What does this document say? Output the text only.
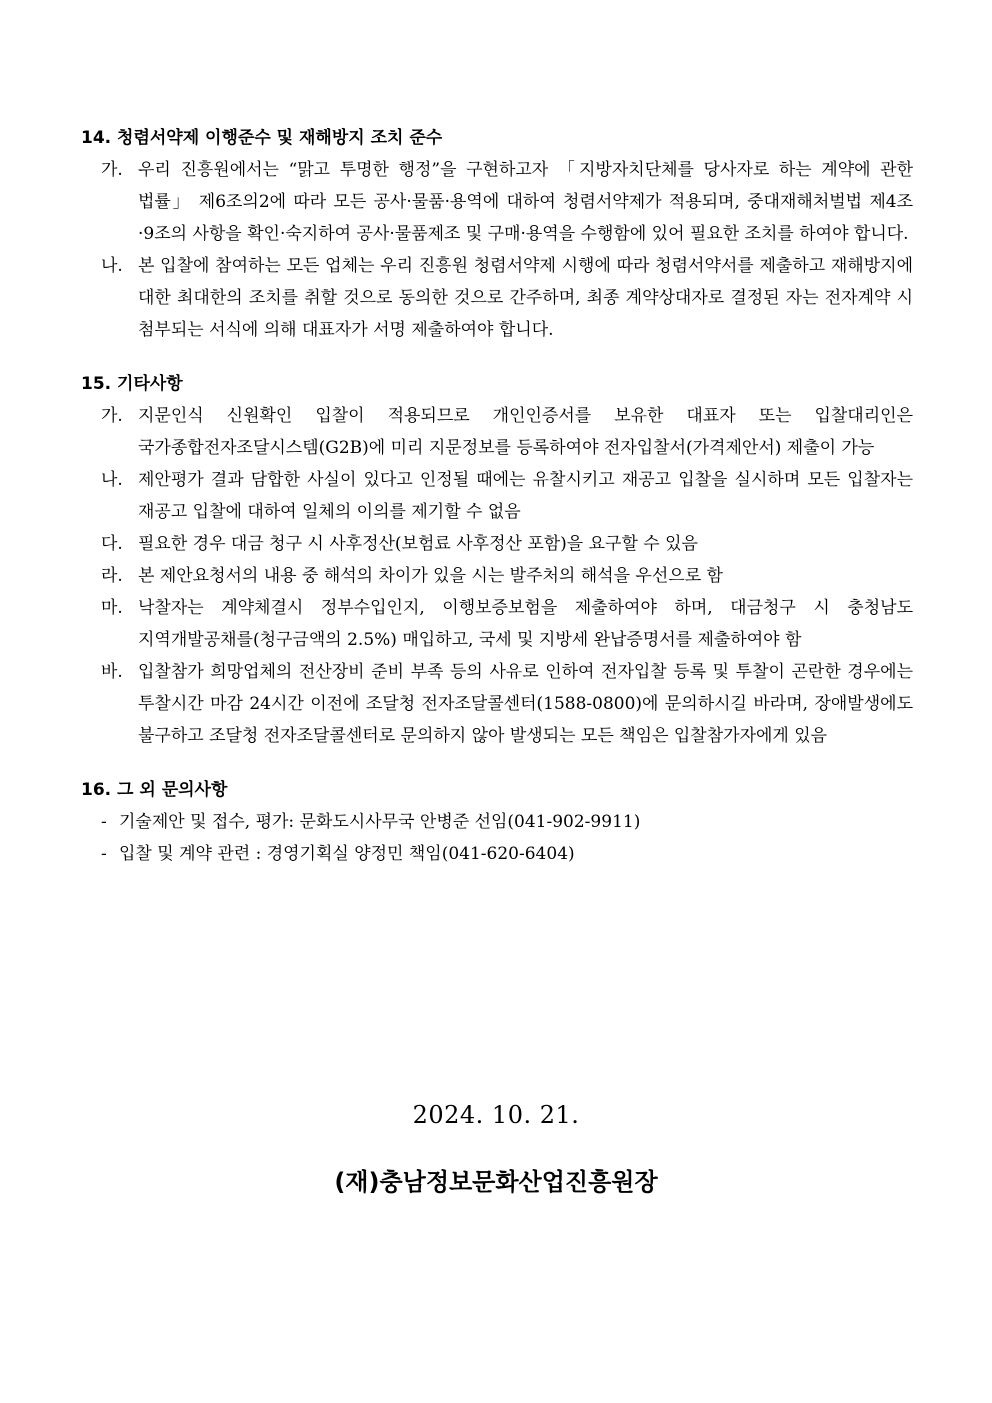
14. 청렴서약제 이행준수 및 재해방지 조치 준수
가. 우리 진흥원에서는 “맑고 투명한 행정”을 구현하고자 「지방자치단체를 당사자로 하는 계약에 관한 법률」 제6조의2에 따라 모든 공사·물품·용역에 대하여 청렴서약제가 적용되며, 중대재해처벌법 제4조·9조의 사항을 확인·숙지하여 공사·물품제조 및 구매·용역을 수행함에 있어 필요한 조치를 하여야 합니다.
나. 본 입찰에 참여하는 모든 업체는 우리 진흥원 청렴서약제 시행에 따라 청렴서약서를 제출하고 재해방지에 대한 최대한의 조치를 취할 것으로 동의한 것으로 간주하며, 최종 계약상대자로 결정된 자는 전자계약 시 첨부되는 서식에 의해 대표자가 서명 제출하여야 합니다.
15. 기타사항
가. 지문인식 신원확인 입찰이 적용되므로 개인인증서를 보유한 대표자 또는 입찰대리인은 국가종합전자조달시스템(G2B)에 미리 지문정보를 등록하여야 전자입찰서(가격제안서) 제출이 가능
나. 제안평가 결과 담합한 사실이 있다고 인정될 때에는 유찰시키고 재공고 입찰을 실시하며 모든 입찰자는 재공고 입찰에 대하여 일체의 이의를 제기할 수 없음
다. 필요한 경우 대금 청구 시 사후정산(보험료 사후정산 포함)을 요구할 수 있음
라. 본 제안요청서의 내용 중 해석의 차이가 있을 시는 발주처의 해석을 우선으로 함
마. 낙찰자는 계약체결시 정부수입인지, 이행보증보험을 제출하여야 하며, 대금청구 시 충청남도 지역개발공채를(청구금액의 2.5%) 매입하고, 국세 및 지방세 완납증명서를 제출하여야 함
바. 입찰참가 희망업체의 전산장비 준비 부족 등의 사유로 인하여 전자입찰 등록 및 투찰이 곤란한 경우에는 투찰시간 마감 24시간 이전에 조달청 전자조달콜센터(1588-0800)에 문의하시길 바라며, 장애발생에도 불구하고 조달청 전자조달콜센터로 문의하지 않아 발생되는 모든 책임은 입찰참가자에게 있음
16. 그 외 문의사항
- 기술제안 및 접수, 평가: 문화도시사무국 안병준 선임(041-902-9911)
- 입찰 및 계약 관련 : 경영기획실 양정민 책임(041-620-6404)
2024. 10. 21.
(재)충남정보문화산업진흥원장
